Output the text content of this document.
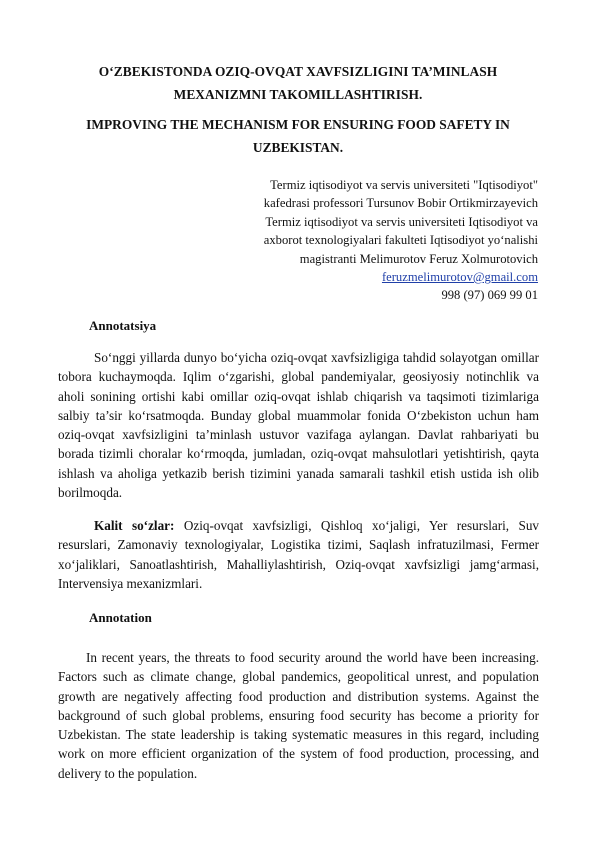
O‘ZBEKISTONDA OZIQ-OVQAT XAVFSIZLIGINI TA’MINLASH
MEXANIZMNI TAKOMILLASHTIRISH.
IMPROVING THE MECHANISM FOR ENSURING FOOD SAFETY IN
UZBEKISTAN.
Termiz iqtisodiyot va servis universiteti "Iqtisodiyot"
kafedrasi professori Tursunov Bobir Ortikmirzayevich
Termiz iqtisodiyot va servis universiteti Iqtisodiyot va
axborot texnologiyalari fakulteti Iqtisodiyot yo‘nalishi
magistranti Melimurotov Feruz Xolmurotovich
feruzmelimurotov@gmail.com
998 (97) 069 99 01
Annotatsiya

So‘nggi yillarda dunyo bo‘yicha oziq-ovqat xavfsizligiga tahdid solayotgan omillar tobora kuchaymoqda. Iqlim o‘zgarishi, global pandemiyalar, geosiyosiy notinchlik va aholi sonining ortishi kabi omillar oziq-ovqat ishlab chiqarish va taqsimoti tizimlariga salbiy ta’sir ko‘rsatmoqda. Bunday global muammolar fonida O‘zbekiston uchun ham oziq-ovqat xavfsizligini ta’minlash ustuvor vazifaga aylangan. Davlat rahbariyati bu borada tizimli choralar ko‘rmoqda, jumladan, oziq-ovqat mahsulotlari yetishtirish, qayta ishlash va aholiga yetkazib berish tizimini yanada samarali tashkil etish ustida ish olib borilmoqda.

Kalit so‘zlar: Oziq-ovqat xavfsizligi, Qishloq xo‘jaligi, Yer resurslari, Suv resurslari, Zamonaviy texnologiyalar, Logistika tizimi, Saqlash infratuzilmasi, Fermer xo‘jaliklari, Sanoatlashtirish, Mahalliylashtirish, Oziq-ovqat xavfsizligi jamg‘armasi, Intervensiya mexanizmlari.

Annotation

In recent years, the threats to food security around the world have been increasing. Factors such as climate change, global pandemics, geopolitical unrest, and population growth are negatively affecting food production and distribution systems. Against the background of such global problems, ensuring food security has become a priority for Uzbekistan. The state leadership is taking systematic measures in this regard, including work on more efficient organization of the system of food production, processing, and delivery to the population.
